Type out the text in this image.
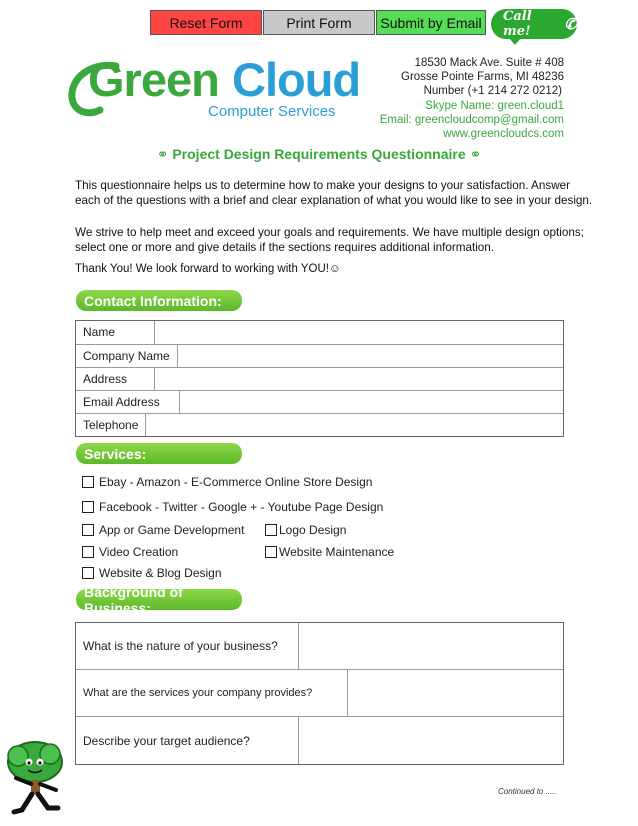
Reset Form	Print Form	Submit by Email	Call me!	✆
Green Cloud
Computer Services
18530 Mack Ave. Suite # 408
Grosse Pointe Farms, MI 48236
Number (+1 214 272 0212)
Skype Name: green.cloud1
Email: greencloudcomp@gmail.com
www.greencloudcs.com
⚭ Project Design Requirements Questionnaire ⚭
This questionnaire helps us to determine how to make your designs to your satisfaction. Answer each of the questions with a brief and clear explanation of what you would like to see in your design.
We strive to help meet and exceed your goals and requirements. We have multiple design options; select one or more and give details if the sections requires additional information.
Thank You! We look forward to working with YOU!☺
Contact Information:
Name
Company Name
Address
Email Address
Telephone
Services:
Ebay - Amazon - E-Commerce Online Store Design
Facebook - Twitter - Google + - Youtube Page Design
App or Game Development	Logo Design
Video Creation	Website Maintenance
Website & Blog Design
Background of Business:
What is the nature of your business?
What are the services your company provides?
Describe your target audience?
Continued to .....
